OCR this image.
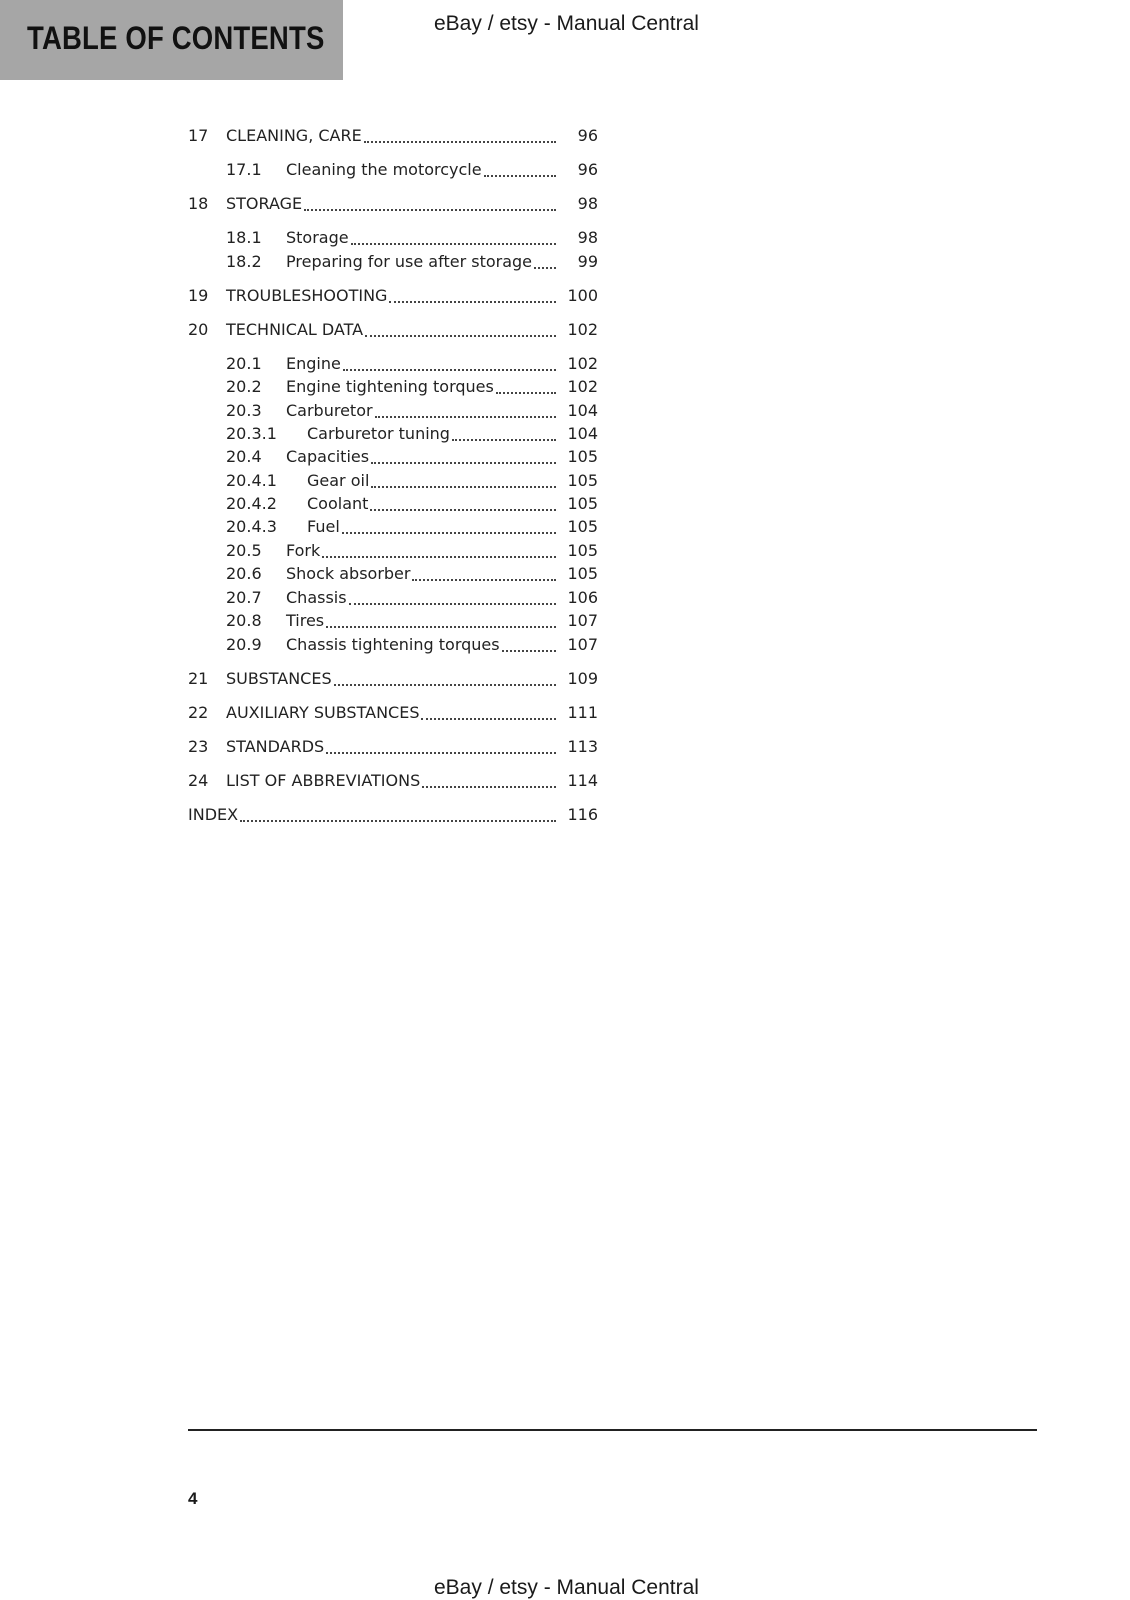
TABLE OF CONTENTS	eBay / etsy - Manual Central
17	CLEANING, CARE	96
17.1	Cleaning the motorcycle	96
18	STORAGE	98
18.1	Storage	98
18.2	Preparing for use after storage	99
19	TROUBLESHOOTING	100
20	TECHNICAL DATA	102
20.1	Engine	102
20.2	Engine tightening torques	102
20.3	Carburetor	104
20.3.1	Carburetor tuning	104
20.4	Capacities	105
20.4.1	Gear oil	105
20.4.2	Coolant	105
20.4.3	Fuel	105
20.5	Fork	105
20.6	Shock absorber	105
20.7	Chassis	106
20.8	Tires	107
20.9	Chassis tightening torques	107
21	SUBSTANCES	109
22	AUXILIARY SUBSTANCES	111
23	STANDARDS	113
24	LIST OF ABBREVIATIONS	114
INDEX	116
4
eBay / etsy - Manual Central
